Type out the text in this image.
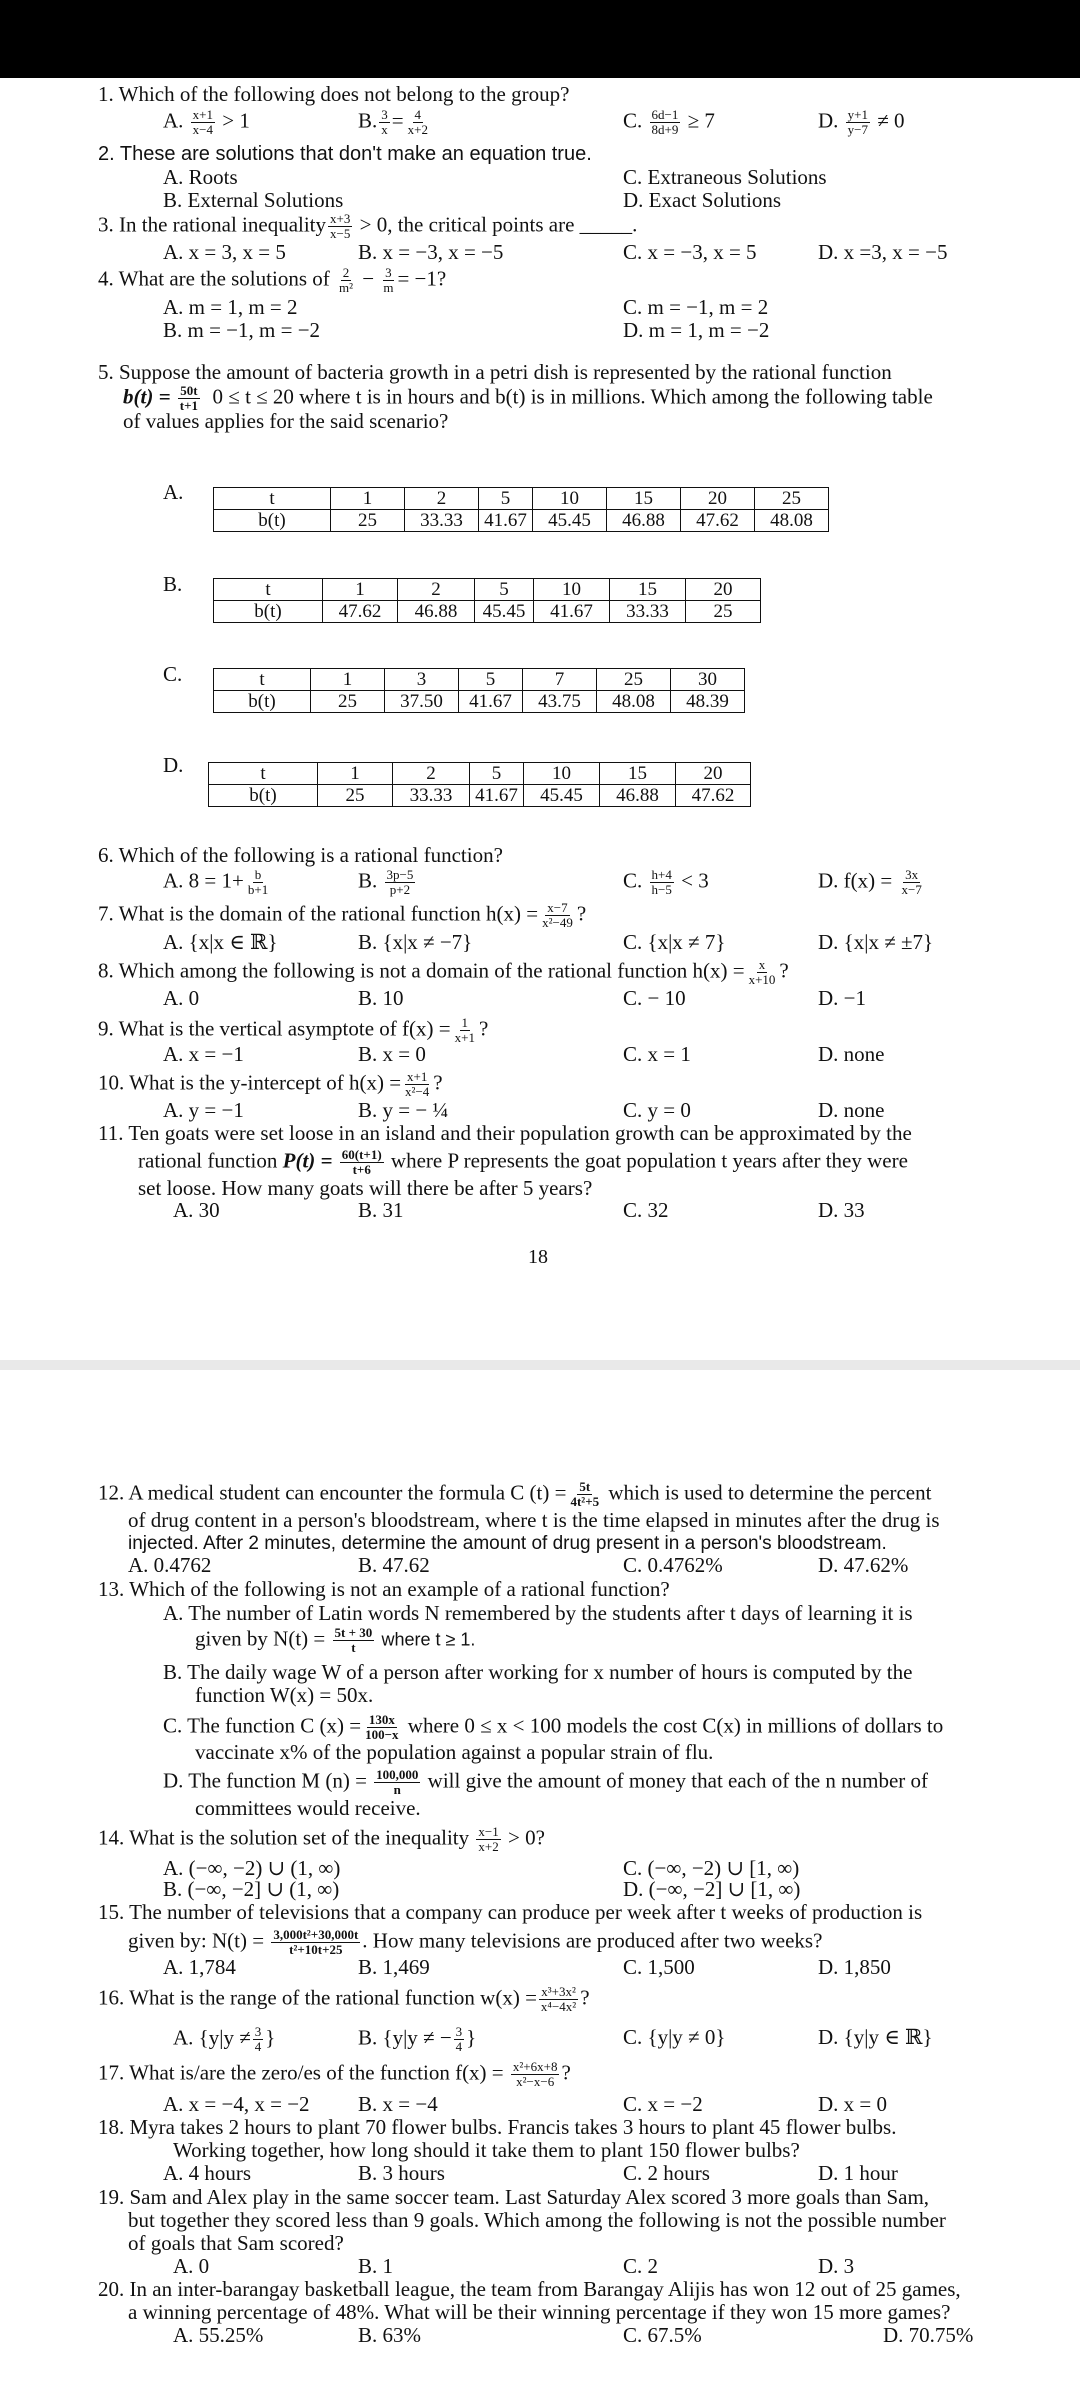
1. Which of the following does not belong to the group?
A. $\frac{x+1}{x-4} > 1$	B. $\frac{3}{x} = \frac{4}{x+2}$	C. $\frac{6d-1}{8d+9} \ge 7$	D. $\frac{y+1}{y-7} \ne 0$
2. These are solutions that don't make an equation true.
A. Roots	C. Extraneous Solutions
B. External Solutions	D. Exact Solutions
3. In the rational inequality $\frac{x+3}{x-5} > 0$, the critical points are _____.
A. x = 3, x = 5	B. x = −3, x = −5	C. x = −3, x = 5	D. x =3, x = −5
4. What are the solutions of $\frac{2}{\text{m²}} - \frac{3}{m} = -1$?
A. m = 1, m = 2	C. m = −1, m = 2
B. m = −1, m = −2	D. m = 1, m = −2
5. Suppose the amount of bacteria growth in a petri dish is represented by the rational function
$b(t) = \frac{50t}{t+1} 0 \le t \le 20$ where t is in hours and b(t) is in millions. Which among the following table
of values applies for the said scenario?
A.	t	1	2	5	10	15	20	25
b(t)	25	33.33	41.67	45.45	46.88	47.62	48.08
B.	t	1	2	5	10	15	20
b(t)	47.62	46.88	45.45	41.67	33.33	25
C.	t	1	3	5	7	25	30
b(t)	25	37.50	41.67	43.75	48.08	48.39
D.	t	1	2	5	10	15	20
b(t)	25	33.33	41.67	45.45	46.88	47.62
6. Which of the following is a rational function?
A. $8 = 1+ \frac{b}{b+1}$	B. $\frac{3p-5}{p+2}$	C. $\frac{h+4}{h-5} < 3$	D. $f(x) = \frac{3x}{x-7}$
7. What is the domain of the rational function $h(x) = \frac{x-7}{\text{x²−49}}$ ?
A. {x|x ∈ ℝ}	B. {x|x ≠ −7}	C. {x|x ≠ 7}	D. {x|x ≠ ±7}
8. Which among the following is not a domain of the rational function $h(x) = \frac{x}{x+10}$ ?
A. 0	B. 10	C. − 10	D. −1
9. What is the vertical asymptote of $f(x) = \frac{1}{x+1}$ ?
A. x = −1	B. x = 0	C. x = 1	D. none
10. What is the y-intercept of $h(x) = \frac{x+1}{\text{x²−4}}$ ?
A. y = −1	B. y = − ¼	C. y = 0	D. none
11. Ten goats were set loose in an island and their population growth can be approximated by the
rational function $P(t) = \frac{60(t+1)}{t+6}$ where P represents the goat population t years after they were
set loose. How many goats will there be after 5 years?
A. 30	B. 31	C. 32	D. 33
18
12. A medical student can encounter the formula C $(t) = \frac{5t}{\text{4t²+5}}$ which is used to determine the percent
of drug content in a person's bloodstream, where t is the time elapsed in minutes after the drug is
injected. After 2 minutes, determine the amount of drug present in a person's bloodstream.
A. 0.4762	B. 47.62	C. 0.4762%	D. 47.62%
13. Which of the following is not an example of a rational function?
A. The number of Latin words N remembered by the students after t days of learning it is
given by $N(t) = \frac{5t + 30}{t}$ where t ≥ 1.
B. The daily wage W of a person after working for x number of hours is computed by the
function W(x) = 50x.
C. The function C $(x) = \frac{130x}{100-x}$ where 0 ≤ x < 100 models the cost C(x) in millions of dollars to
vaccinate x% of the population against a popular strain of flu.
D. The function M $(n) = \frac{100,000}{n}$ will give the amount of money that each of the n number of
committees would receive.
14. What is the solution set of the inequality $\frac{x-1}{x+2} > 0$?
A. (−∞, −2) ∪ (1, ∞)	C. (−∞, −2) ∪ [1, ∞)
B. (−∞, −2] ∪ (1, ∞)	D. (−∞, −2] ∪ [1, ∞)
15. The number of televisions that a company can produce per week after t weeks of production is
given by: $N(t) = \frac{\text{3,000t²+30,000t}}{\text{t²+10t+25}}$ . How many televisions are produced after two weeks?
A. 1,784	B. 1,469	C. 1,500	D. 1,850
16. What is the range of the rational function $w(x) = \frac{\text{x³+3x²}}{\text{x⁴−4x²}}$ ?
A. {$y|y \ne \frac{3}{4}$ }	B. {y|y ≠ − $\frac{3}{4}$ }	C. {y|y ≠ 0}	D. {y|y ∈ ℝ}
17. What is/are the zero/es of the function $f(x) = \frac{\text{x²+6x+8}}{\text{x²−x−6}}$ ?
A. x = −4, x = −2 B. x = −4	C. x = −2	D. x = 0
18. Myra takes 2 hours to plant 70 flower bulbs. Francis takes 3 hours to plant 45 flower bulbs.
Working together, how long should it take them to plant 150 flower bulbs?
A. 4 hours	B. 3 hours	C. 2 hours	D. 1 hour
19. Sam and Alex play in the same soccer team. Last Saturday Alex scored 3 more goals than Sam,
but together they scored less than 9 goals. Which among the following is not the possible number
of goals that Sam scored?
A. 0	B. 1	C. 2	D. 3
20. In an inter-barangay basketball league, the team from Barangay Alijis has won 12 out of 25 games,
a winning percentage of 48%. What will be their winning percentage if they won 15 more games?
A. 55.25%	B. 63%	C. 67.5%	D. 70.75%
